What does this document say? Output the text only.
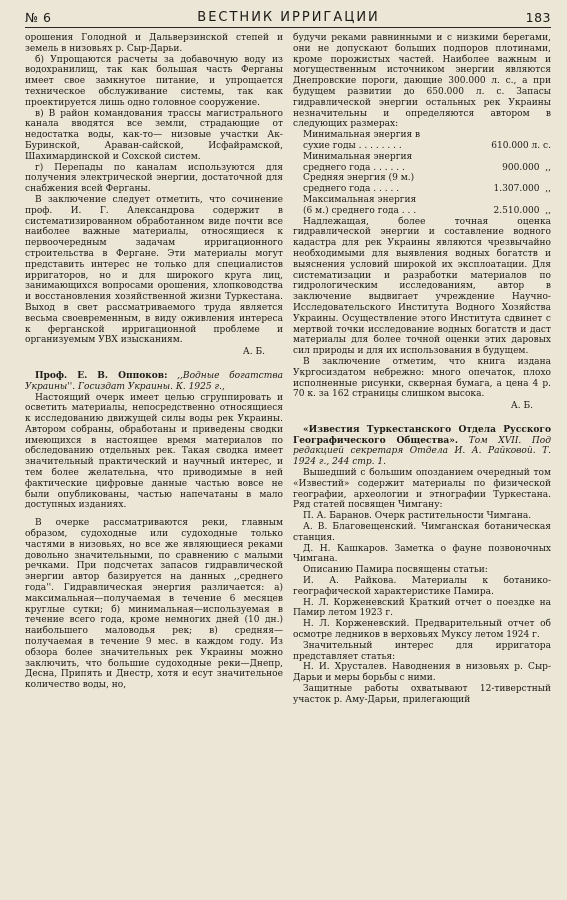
№ 6	ВЕСТНИК ИРРИГАЦИИ	183

орошения Голодной и Дальверзинской степей и земель в низовьях р. Сыр-Дарьи.

б) Упрощаются расчеты за добавочную воду из водохранилищ, так как большая часть Ферганы имеет свое замкнутое питание, и упрощается техническое обслуживание системы, так как проектируется лишь одно головное сооружение.

в) В район командования трассы магистрального канала вводятся все земли, страдающие от недостатка воды, как-то— низовые участки Ак-Буринской, Араван-сайской, Исфайрамской, Шахимардинской и Сохской систем.

г) Перепады по каналам используются для получения электрической энергии, достаточной для снабжения всей Ферганы.

В заключение следует отметить, что сочинение проф. И. Г. Александрова содержит в систематизированном обработанном виде почти все наиболее важные материалы, относящиеся к первоочередным задачам ирригационного строительства в Фергане. Эти материалы могут представить интерес не только для специалистов ирригаторов, но и для широкого круга лиц, занимающихся вопросами орошения, хлопководства и восстановления хозяйственной жизни Туркестана. Выход в свет рассматриваемого труда является весьма своевременным, в виду оживления интереса к ферганской ирригационной проблеме и организуемым УВХ изысканиям.

А. Б.

Проф. Е. В. Оппоков: ,,Водные богатства Украины''. Госиздат Украины. К. 1925 г.,

Настоящий очерк имеет целью сгруппировать и осветить материалы, непосредственно относящиеся к исследованию движущей силы воды рек Украины. Автором собраны, обработаны и приведены сводки имеющихся в настоящее время материалов по обследованию отдельных рек. Такая сводка имеет значительный практический и научный интерес, и тем более желательна, что приводимые в ней фактические цифровые данные частью вовсе не были опубликованы, частью напечатаны в мало доступных изданиях.

В очерке рассматриваются реки, главным образом, судоходные или судоходные только частями в низовьях, но все же являющиеся реками довольно значительными, по сравнению с малыми речками. При подсчетах запасов гидравлической энергии автор базируется на данных ,,среднего года''. Гидравлическая энергия различается: а) максимальная—получаемая в течение 6 месяцев круглые сутки; б) минимальная—используемая в течение всего года, кроме немногих дней (10 дн.) наибольшего маловодья рек; в) средняя—получаемая в течение 9 мес. в каждом году. Из обзора более значительных рек Украины можно заключить, что большие судоходные реки—Днепр, Десна, Припять и Днестр, хотя и есут значительное количество воды, но,

будучи реками равнинными и с низкими берегами, они не допускают больших подпоров плотинами, кроме порожистых частей. Наиболее важным и могущественным источником энергии являются Днепровские пороги, дающие 300.000 л. с., а при будущем развитии до 650.000 л. с. Запасы гидравлической энергии остальных рек Украины незначительны и определяются автором в следующих размерах:

Минимальная энергия в
сухие годы . . . . . . . .	610.000 л. с.
Минимальная энергия
среднего года . . . . . .	900.000  ,,
Средняя энергия (9 м.)
среднего года . . . . .	1.307.000  ,,
Максимальная энергия
(6 м.) среднего года . . .	2.510.000  ,,

Надлежащая, более точная оценка гидравлической энергии и составление водного кадастра для рек Украины являются чрезвычайно необходимыми для выявления водных богатств и выяснения условий широкой их эксплоатации. Для систематизации и разработки материалов по гидрологическим исследованиям, автор в заключение выдвигает учреждение Научно-Исследовательского Института Водного Хозяйства Украины. Осуществление этого Института сдвинет с мертвой точки исследование водных богатств и даст материалы для более точной оценки этих даровых сил природы и для их использования в будущем.

В заключение отметим, что книга издана Укргосиздатом небрежно: много опечаток, плохо исполненные рисунки, скверная бумага, а цена 4 р. 70 к. за 162 страницы слишком высока.

А. Б.

«Известия Туркестанского Отдела Русского Географического Общества». Том XVII. Под редакцией секретаря Отдела И. А. Райковой. Т. 1924 г., 244 стр. 1.

Вышедший с большим опозданием очередный том «Известий» содержит материалы по физической географии, археологии и этнографии Туркестана. Ряд статей посвящен Чимгану:

П. А. Баранов. Очерк растительности Чимгана.

А. В. Благовещенский. Чимганская ботаническая станция.

Д. Н. Кашкаров. Заметка о фауне позвоночных Чимгана.

Описанию Памира посвящены статьи:

И. А. Райкова. Материалы к ботанико-географической характеристике Памира.

Н. Л. Корженевский Краткий отчет о поездке на Памир летом 1923 г.

Н. Л. Корженевский. Предварительный отчет об осмотре ледников в верховьях Муксу летом 1924 г.

Значительный интерес для ирригатора представляет статья:

Н. И. Хрусталев. Наводнения в низовьях р. Сыр-Дарьи и меры борьбы с ними.

Защитные работы охватывают 12-тиверстный участок р. Аму-Дарьи, прилегающий
